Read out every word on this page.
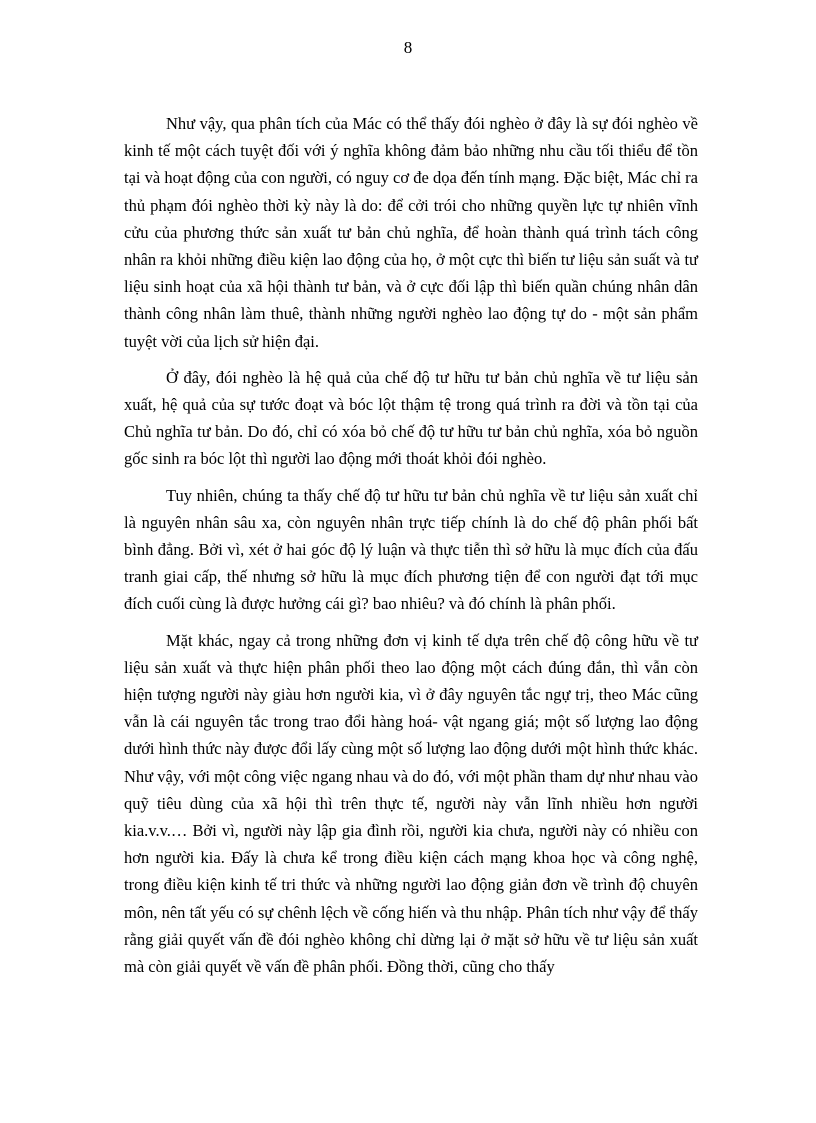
8

Như vậy, qua phân tích của Mác có thể thấy đói nghèo ở đây là sự đói nghèo về kinh tế một cách tuyệt đối với ý nghĩa không đảm bảo những nhu cầu tối thiểu để tồn tại và hoạt động của con người, có nguy cơ đe dọa đến tính mạng. Đặc biệt, Mác chỉ ra thủ phạm đói nghèo thời kỳ này là do: để cởi trói cho những quyền lực tự nhiên vĩnh cửu của phương thức sản xuất tư bản chủ nghĩa, để hoàn thành quá trình tách công nhân ra khỏi những điều kiện lao động của họ, ở một cực thì biến tư liệu sản suất và tư liệu sinh hoạt của xã hội thành tư bản, và ở cực đối lập thì biến quần chúng nhân dân thành công nhân làm thuê, thành những người nghèo lao động tự do - một sản phẩm tuyệt vời của lịch sử hiện đại.

Ở đây, đói nghèo là hệ quả của chế độ tư hữu tư bản chủ nghĩa về tư liệu sản xuất, hệ quả của sự tước đoạt và bóc lột thậm tệ trong quá trình ra đời và tồn tại của Chủ nghĩa tư bản. Do đó, chỉ có xóa bỏ chế độ tư hữu tư bản chủ nghĩa, xóa bỏ nguồn gốc sinh ra bóc lột thì người lao động mới thoát khỏi đói nghèo.

Tuy nhiên, chúng ta thấy chế độ tư hữu tư bản chủ nghĩa về tư liệu sản xuất chỉ là nguyên nhân sâu xa, còn nguyên nhân trực tiếp chính là do chế độ phân phối bất bình đẳng. Bởi vì, xét ở hai góc độ lý luận và thực tiễn thì sở hữu là mục đích của đấu tranh giai cấp, thế nhưng sở hữu là mục đích phương tiện để con người đạt tới mục đích cuối cùng là được hưởng cái gì? bao nhiêu? và đó chính là phân phối.

Mặt khác, ngay cả trong những đơn vị kinh tế dựa trên chế độ công hữu về tư liệu sản xuất và thực hiện phân phối theo lao động một cách đúng đắn, thì vẫn còn hiện tượng người này giàu hơn người kia, vì ở đây nguyên tắc ngự trị, theo Mác cũng vẫn là cái nguyên tắc trong trao đổi hàng hoá- vật ngang giá; một số lượng lao động dưới hình thức này được đổi lấy cùng một số lượng lao động dưới một hình thức khác. Như vậy, với một công việc ngang nhau và do đó, với một phần tham dự như nhau vào quỹ tiêu dùng của xã hội thì trên thực tế, người này vẫn lĩnh nhiều hơn người kia.v.v.… Bởi vì, người này lập gia đình rồi, người kia chưa, người này có nhiều con hơn người kia. Đấy là chưa kể trong điều kiện cách mạng khoa học và công nghệ, trong điều kiện kinh tế tri thức và những người lao động giản đơn về trình độ chuyên môn, nên tất yếu có sự chênh lệch về cống hiến và thu nhập. Phân tích như vậy để thấy rằng giải quyết vấn đề đói nghèo không chỉ dừng lại ở mặt sở hữu về tư liệu sản xuất mà còn giải quyết về vấn đề phân phối. Đồng thời, cũng cho thấy
